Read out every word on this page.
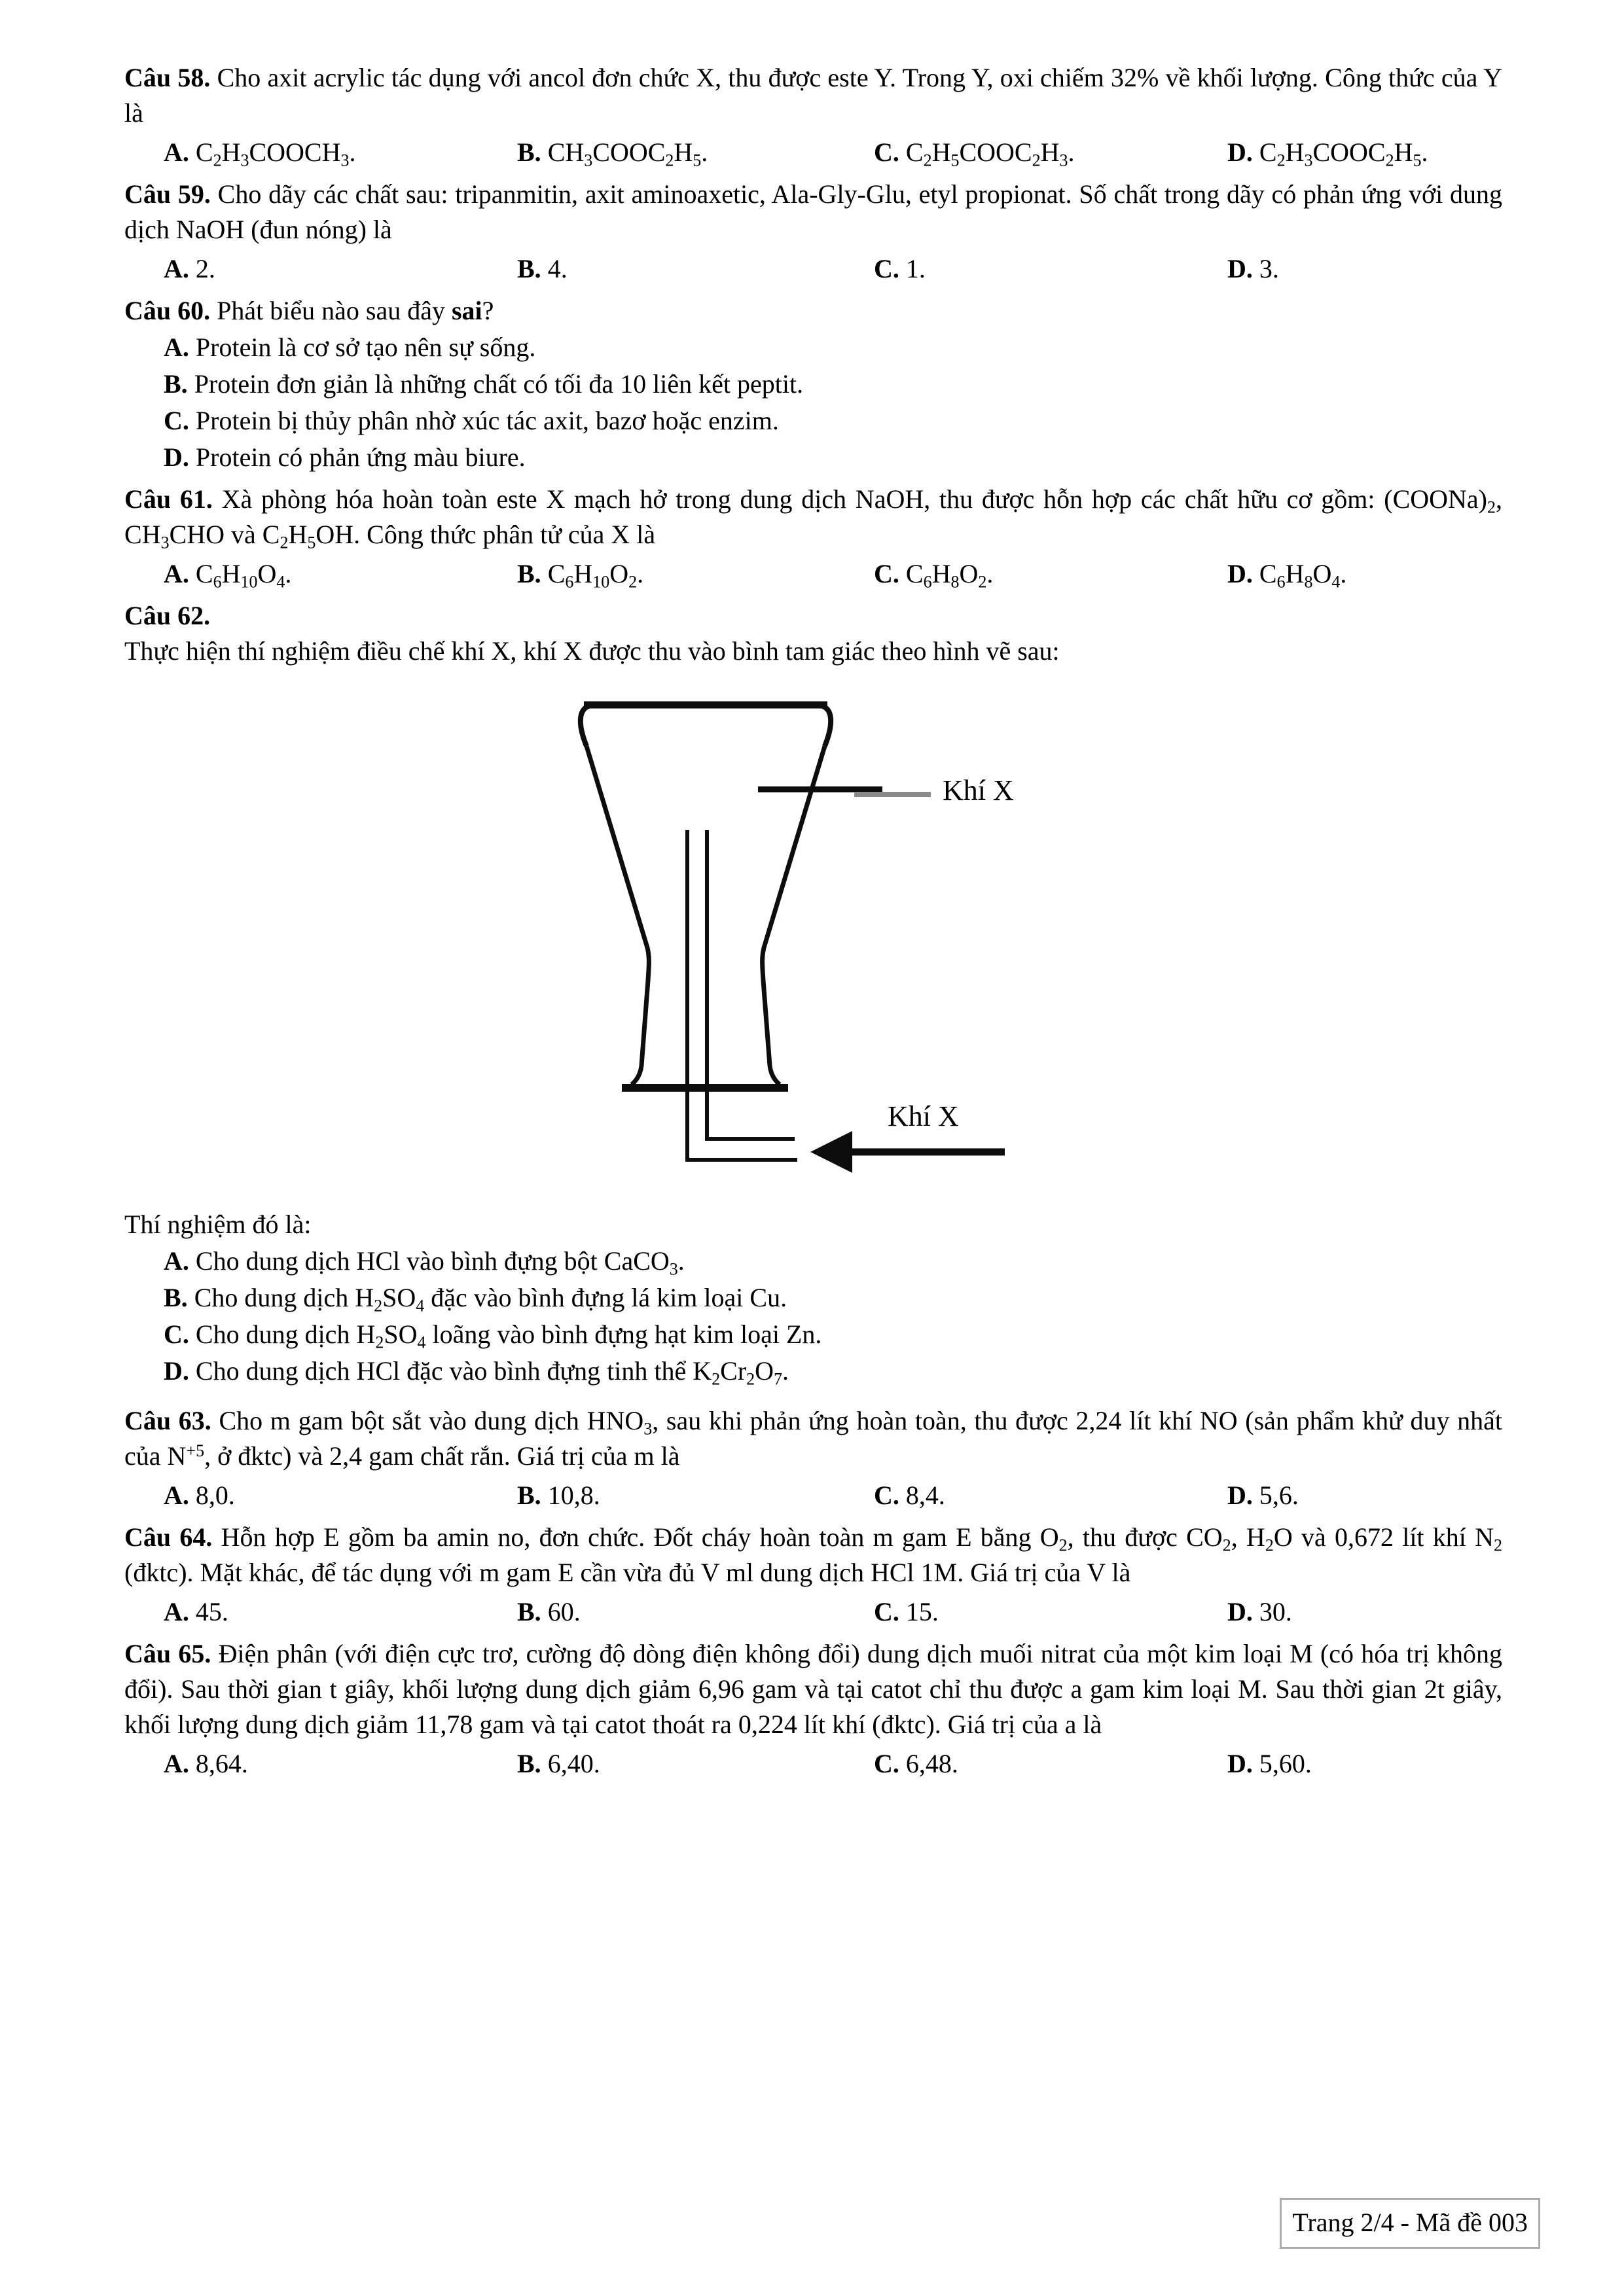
Câu 58. Cho axit acrylic tác dụng với ancol đơn chức X, thu được este Y. Trong Y, oxi chiếm 32% về khối lượng. Công thức của Y là

A. $C_2H_3COOCH_3$.	B. $CH_3COOC_2H_5$.	C. $C_2H_5COOC_2H_3$.	D. $C_2H_3COOC_2H_5$.

Câu 59. Cho dãy các chất sau: tripanmitin, axit aminoaxetic, Ala-Gly-Glu, etyl propionat. Số chất trong dãy có phản ứng với dung dịch NaOH (đun nóng) là

A. 2.	B. 4.	C. 1.	D. 3.

Câu 60. Phát biểu nào sau đây sai?

A. Protein là cơ sở tạo nên sự sống.
B. Protein đơn giản là những chất có tối đa 10 liên kết peptit.
C. Protein bị thủy phân nhờ xúc tác axit, bazơ hoặc enzim.
D. Protein có phản ứng màu biure.

Câu 61. Xà phòng hóa hoàn toàn este X mạch hở trong dung dịch NaOH, thu được hỗn hợp các chất hữu cơ gồm: $(COONa)_2$, $CH_3CHO$ và $C_2H_5OH$. Công thức phân tử của X là

A. $C_6H_{10}O_4$.	B. $C_6H_{10}O_2$.	C. $C_6H_8O_2$.	D. $C_6H_8O_4$.

Câu 62.

Thực hiện thí nghiệm điều chế khí X, khí X được thu vào bình tam giác theo hình vẽ sau:

Khí X
Khí X

Thí nghiệm đó là:

A. Cho dung dịch HCl vào bình đựng bột CaCO$_3$.
B. Cho dung dịch $H_2SO_4$ đặc vào bình đựng lá kim loại Cu.
C. Cho dung dịch $H_2SO_4$ loãng vào bình đựng hạt kim loại Zn.
D. Cho dung dịch HCl đặc vào bình đựng tinh thể $K_2Cr_2O_7$.

Câu 63. Cho m gam bột sắt vào dung dịch $HNO_3$, sau khi phản ứng hoàn toàn, thu được 2,24 lít khí NO (sản phẩm khử duy nhất của $N^{+5}$, ở đktc) và 2,4 gam chất rắn. Giá trị của m là

A. 8,0.	B. 10,8.	C. 8,4.	D. 5,6.

Câu 64. Hỗn hợp E gồm ba amin no, đơn chức. Đốt cháy hoàn toàn m gam E bằng $O_2$, thu được $CO_2$, $H_2O$ và 0,672 lít khí $N_2$ (đktc). Mặt khác, để tác dụng với m gam E cần vừa đủ V ml dung dịch HCl 1M. Giá trị của V là

A. 45.	B. 60.	C. 15.	D. 30.

Câu 65. Điện phân (với điện cực trơ, cường độ dòng điện không đổi) dung dịch muối nitrat của một kim loại M (có hóa trị không đổi). Sau thời gian t giây, khối lượng dung dịch giảm 6,96 gam và tại catot chỉ thu được a gam kim loại M. Sau thời gian 2t giây, khối lượng dung dịch giảm 11,78 gam và tại catot thoát ra 0,224 lít khí (đktc). Giá trị của a là

A. 8,64.	B. 6,40.	C. 6,48.	D. 5,60.
Trang 2/4 - Mã đề 003
